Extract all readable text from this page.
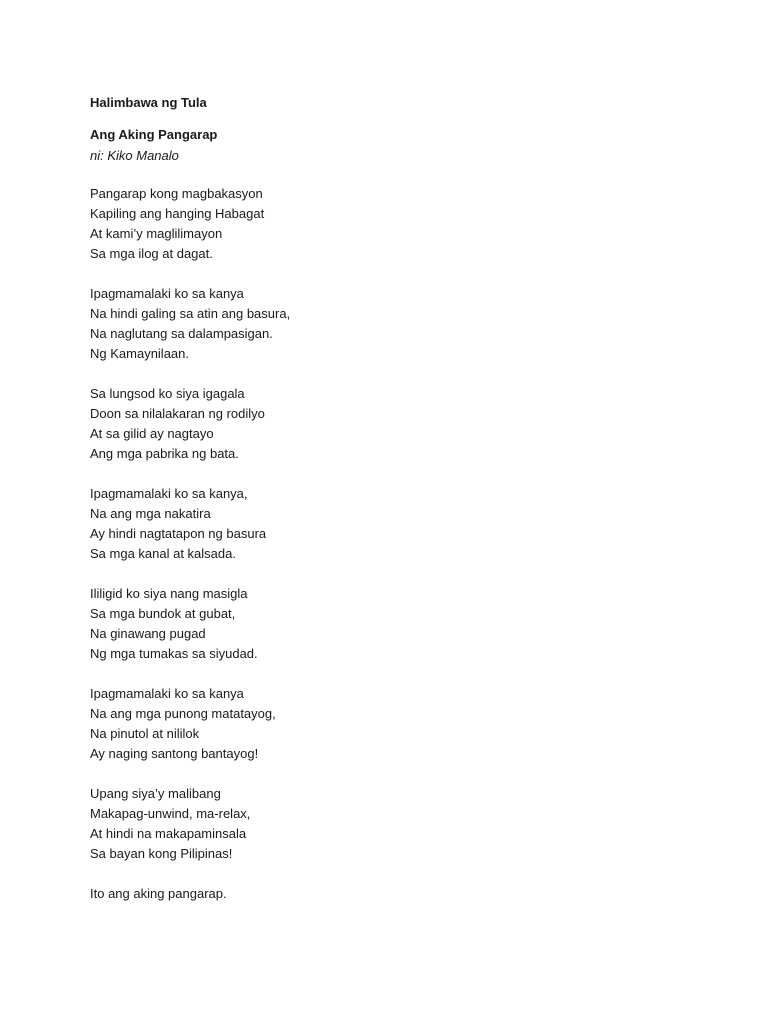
Halimbawa ng Tula
Ang Aking Pangarap
ni: Kiko Manalo
Pangarap kong magbakasyon
Kapiling ang hanging Habagat
At kami’y maglilimayon
Sa mga ilog at dagat.
Ipagmamalaki ko sa kanya
Na hindi galing sa atin ang basura,
Na naglutang sa dalampasigan.
Ng Kamaynilaan.
Sa lungsod ko siya igagala
Doon sa nilalakaran ng rodilyo
At sa gilid ay nagtayo
Ang mga pabrika ng bata.
Ipagmamalaki ko sa kanya,
Na ang mga nakatira
Ay hindi nagtatapon ng basura
Sa mga kanal at kalsada.
Ililigid ko siya nang masigla
Sa mga bundok at gubat,
Na ginawang pugad
Ng mga tumakas sa siyudad.
Ipagmamalaki ko sa kanya
Na ang mga punong matatayog,
Na pinutol at nililok
Ay naging santong bantayog!
Upang siya’y malibang
Makapag-unwind, ma-relax,
At hindi na makapaminsala
Sa bayan kong Pilipinas!
Ito ang aking pangarap.
